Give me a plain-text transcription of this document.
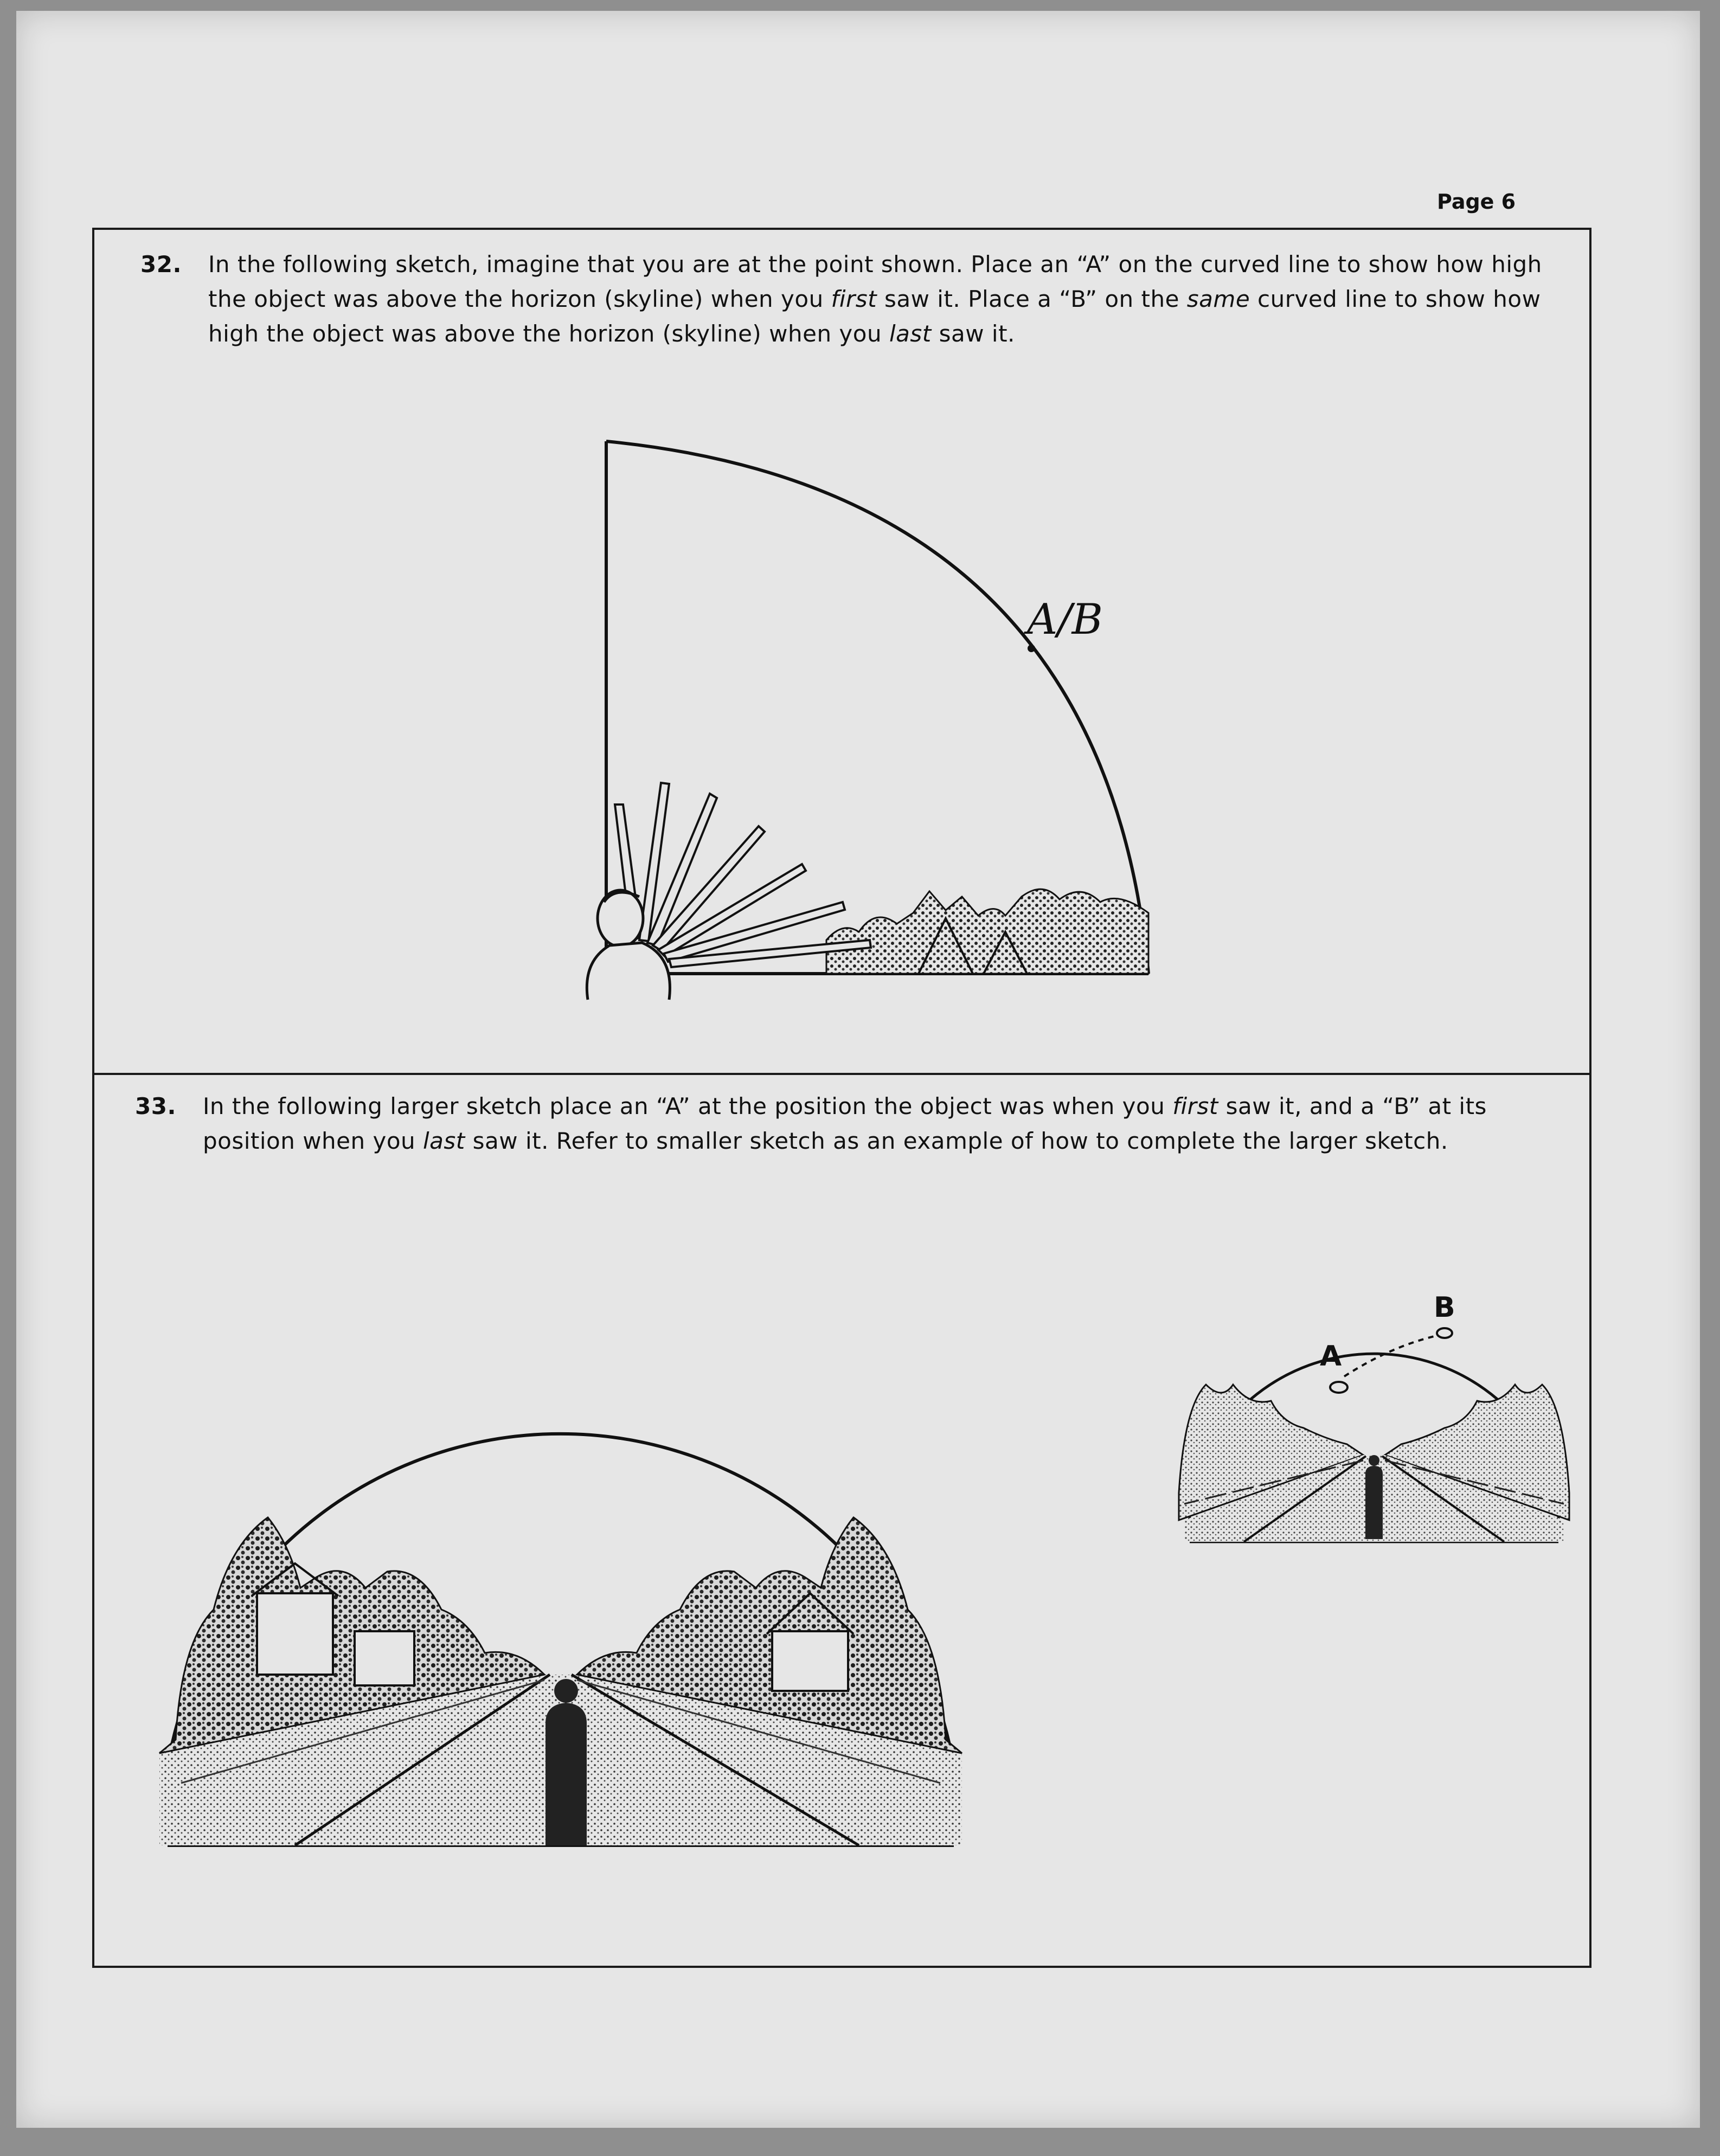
Page 6
32.	In the following sketch, imagine that you are at the point shown. Place an “A” on the curved line to show how high the object was above the horizon (skyline) when you first saw it. Place a “B” on the same curved line to show how high the object was above the horizon (skyline) when you last saw it.
A/B
33.	In the following larger sketch place an “A” at the position the object was when you first saw it, and a “B” at its position when you last saw it. Refer to smaller sketch as an example of how to complete the larger sketch.
A
B
